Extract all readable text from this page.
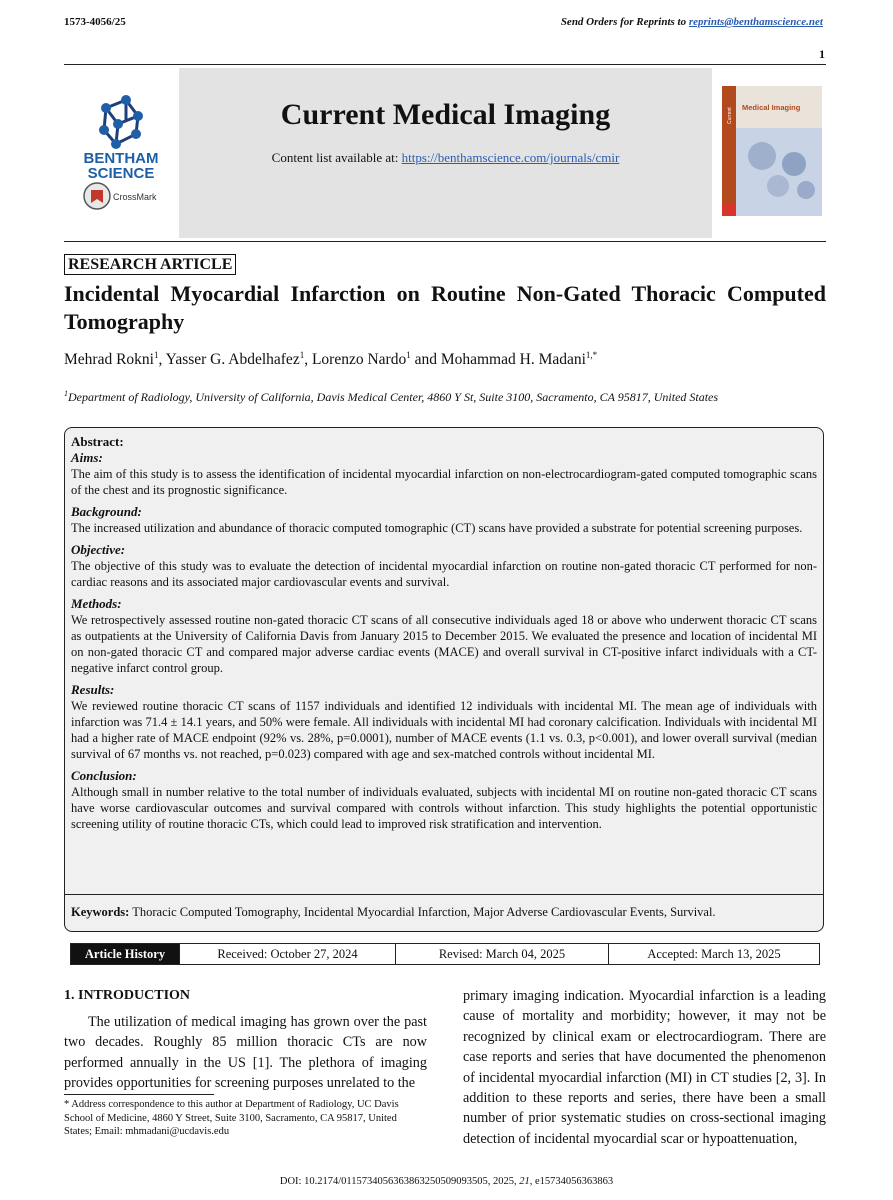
1573-4056/25	Send Orders for Reprints to reprints@benthamscience.net
1
BENTHAM
SCIENCE
CrossMark
Current Medical Imaging
Content list available at: https://benthamscience.com/journals/cmir
Medical Imaging
Current
RESEARCH ARTICLE
Incidental Myocardial Infarction on Routine Non-Gated Thoracic Computed Tomography
Mehrad Rokni$^1$, Yasser G. Abdelhafez$^1$, Lorenzo Nardo$^1$ and Mohammad H. Madani$^{1,*}$
$^1$Department of Radiology, University of California, Davis Medical Center, 4860 Y St, Suite 3100, Sacramento, CA 95817, United States

Abstract:

Aims:

The aim of this study is to assess the identification of incidental myocardial infarction on non-electrocardiogram-gated computed tomographic scans of the chest and its prognostic significance.

Background:

The increased utilization and abundance of thoracic computed tomographic (CT) scans have provided a substrate for potential screening purposes.

Objective:

The objective of this study was to evaluate the detection of incidental myocardial infarction on routine non-gated thoracic CT performed for non-cardiac reasons and its associated major cardiovascular events and survival.

Methods:

We retrospectively assessed routine non-gated thoracic CT scans of all consecutive individuals aged 18 or above who underwent thoracic CT scans as outpatients at the University of California Davis from January 2015 to December 2015. We evaluated the presence and location of incidental MI on non-gated thoracic CT and compared major adverse cardiac events (MACE) and overall survival in CT-positive infarct individuals with a CT-negative infarct control group.

Results:

We reviewed routine thoracic CT scans of 1157 individuals and identified 12 individuals with incidental MI. The mean age of individuals with infarction was 71.4 ± 14.1 years, and 50% were female. All individuals with incidental MI had coronary calcification. Individuals with incidental MI had a higher rate of MACE endpoint (92% vs. 28%, p=0.0001), number of MACE events (1.1 vs. 0.3, p<0.001), and lower overall survival (median survival of 67 months vs. not reached, p=0.023) compared with age and sex-matched controls without incidental MI.

Conclusion:

Although small in number relative to the total number of individuals evaluated, subjects with incidental MI on routine non-gated thoracic CT scans have worse cardiovascular outcomes and survival compared with controls without infarction. This study highlights the potential opportunistic screening utility of routine thoracic CTs, which could lead to improved risk stratification and intervention.

Keywords: Thoracic Computed Tomography, Incidental Myocardial Infarction, Major Adverse Cardiovascular Events, Survival.
Article History	Received: October 27, 2024	Revised: March 04, 2025	Accepted: March 13, 2025
1. INTRODUCTION

The utilization of medical imaging has grown over the past two decades. Roughly 85 million thoracic CTs are now performed annually in the US [1]. The plethora of imaging provides opportunities for screening purposes unrelated to the

primary imaging indication. Myocardial infarction is a leading cause of mortality and morbidity; however, it may not be recognized by clinical exam or electrocardiogram. There are case reports and series that have documented the phenomenon of incidental myocardial infarction (MI) in CT studies [2, 3]. In addition to these reports and series, there have been a small number of prior systematic studies on cross-sectional imaging detection of incidental myocardial scar or hypoattenuation,

* Address correspondence to this author at Department of Radiology, UC Davis School of Medicine, 4860 Y Street, Suite 3100, Sacramento, CA 95817, United States; Email: mhmadani@ucdavis.edu
DOI: 10.2174/0115734056363863250509093505, 2025, 21, e15734056363863
